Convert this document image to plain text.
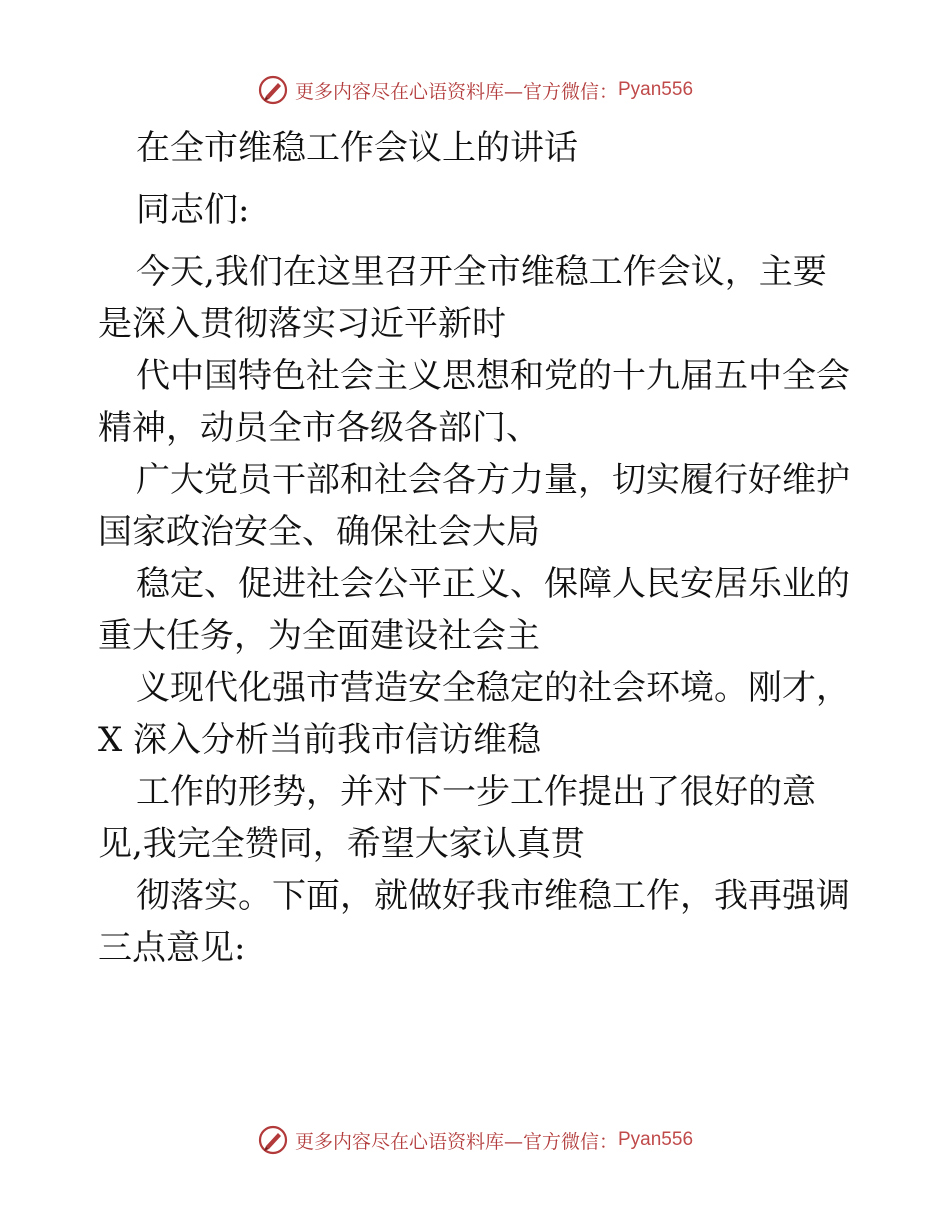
更多内容尽在心语资料库—官方微信： Pyan556
在全市维稳工作会议上的讲话
同志们:
今天,我们在这里召开全市维稳工作会议，主要
是深入贯彻落实习近平新时
代中国特色社会主义思想和党的十九届五中全会
精神，动员全市各级各部门、
广大党员干部和社会各方力量，切实履行好维护
国家政治安全、确保社会大局
稳定、促进社会公平正义、保障人民安居乐业的
重大任务，为全面建设社会主
义现代化强市营造安全稳定的社会环境。刚才，
X 深入分析当前我市信访维稳
工作的形势，并对下一步工作提出了很好的意
见,我完全赞同，希望大家认真贯
彻落实。下面，就做好我市维稳工作，我再强调
三点意见:
更多内容尽在心语资料库—官方微信： Pyan556
